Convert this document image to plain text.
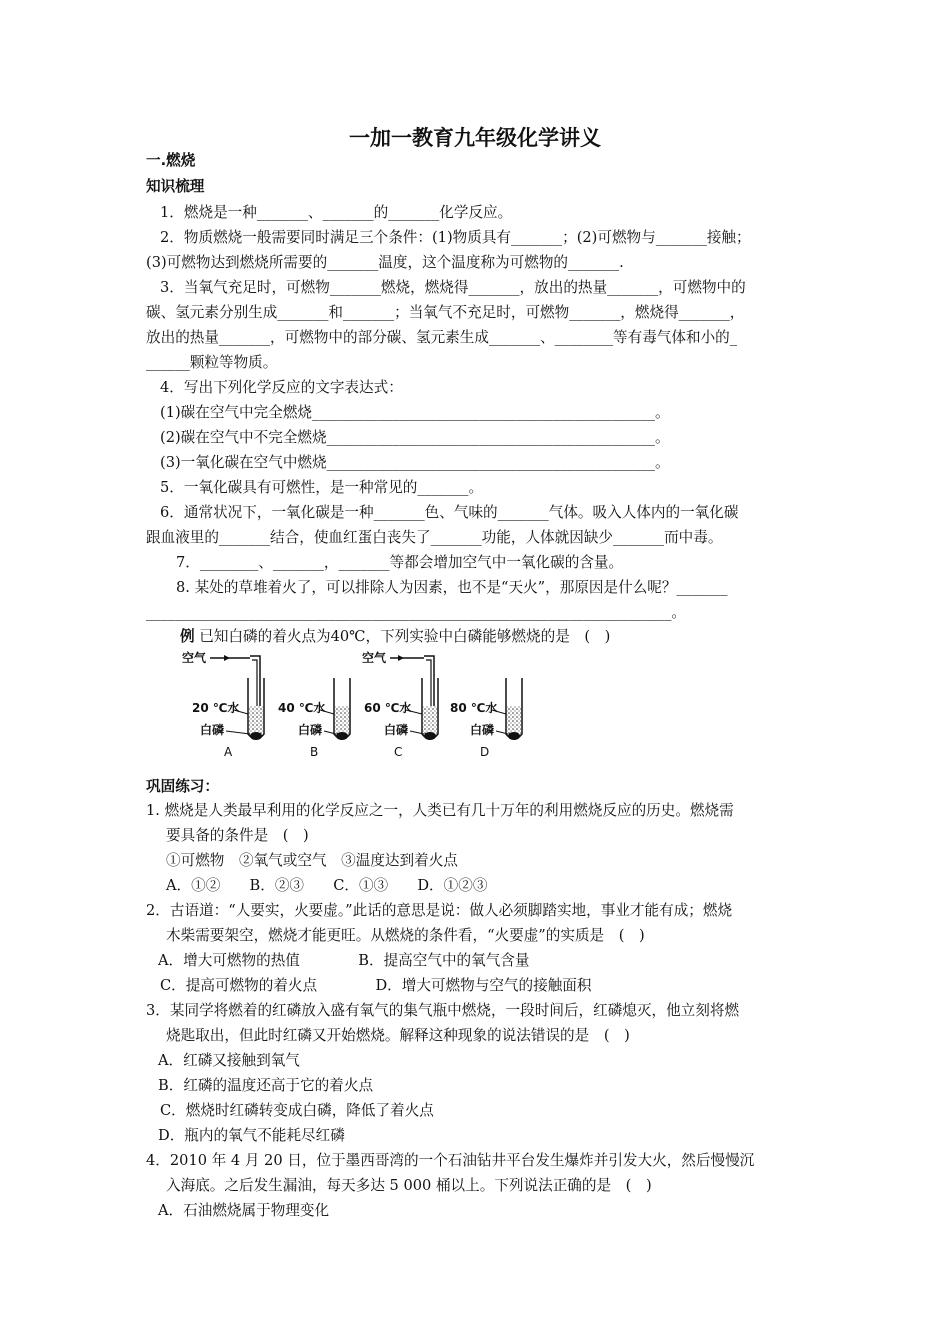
一加一教育九年级化学讲义
一.燃烧
知识梳理
1．燃烧是一种_______、_______的_______化学反应。
2．物质燃烧一般需要同时满足三个条件：(1)物质具有_______；(2)可燃物与_______接触；
(3)可燃物达到燃烧所需要的_______温度，这个温度称为可燃物的_______.
3．当氧气充足时，可燃物_______燃烧，燃烧得_______，放出的热量_______，可燃物中的
碳、氢元素分别生成_______和_______；当氧气不充足时，可燃物_______，燃烧得_______，
放出的热量_______，可燃物中的部分碳、氢元素生成_______、________等有毒气体和小的_
______颗粒等物质。
4．写出下列化学反应的文字表达式：
(1)碳在空气中完全燃烧_______________________________________________。
(2)碳在空气中不完全燃烧_____________________________________________。
(3)一氧化碳在空气中燃烧_____________________________________________。
5．一氧化碳具有可燃性，是一种常见的_______。
6．通常状况下，一氧化碳是一种_______色、气味的_______气体。吸入人体内的一氧化碳
跟血液里的_______结合，使血红蛋白丧失了_______功能，人体就因缺少_______而中毒。
7．________、_______，_______等都会增加空气中一氧化碳的含量。
8. 某处的草堆着火了，可以排除人为因素，也不是“天火”，那原因是什么呢？_______
________________________________________________________________________。
例 已知白磷的着火点为40℃，下列实验中白磷能够燃烧的是　(　)
空气
20 ℃水
白磷
A
40 ℃水
白磷
B
空气
60 ℃水
白磷
C
80 ℃水
白磷
D
巩固练习：
1. 燃烧是人类最早利用的化学反应之一，人类已有几十万年的利用燃烧反应的历史。燃烧需
要具备的条件是　(　)
①可燃物　②氧气或空气　③温度达到着火点
A．①②　　B．②③　　C．①③　　D．①②③
2．古语道：“人要实，火要虚。”此话的意思是说：做人必须脚踏实地，事业才能有成；燃烧
木柴需要架空，燃烧才能更旺。从燃烧的条件看，“火要虚”的实质是　(　)
A．增大可燃物的热值　　　　B．提高空气中的氧气含量
C．提高可燃物的着火点　　　　D．增大可燃物与空气的接触面积
3．某同学将燃着的红磷放入盛有氧气的集气瓶中燃烧，一段时间后，红磷熄灭，他立刻将燃
烧匙取出，但此时红磷又开始燃烧。解释这种现象的说法错误的是　(　)
A．红磷又接触到氧气
B．红磷的温度还高于它的着火点
C．燃烧时红磷转变成白磷，降低了着火点
D．瓶内的氧气不能耗尽红磷
4．2010 年 4 月 20 日，位于墨西哥湾的一个石油钻井平台发生爆炸并引发大火，然后慢慢沉
入海底。之后发生漏油，每天多达 5 000 桶以上。下列说法正确的是　(　)
A．石油燃烧属于物理变化
